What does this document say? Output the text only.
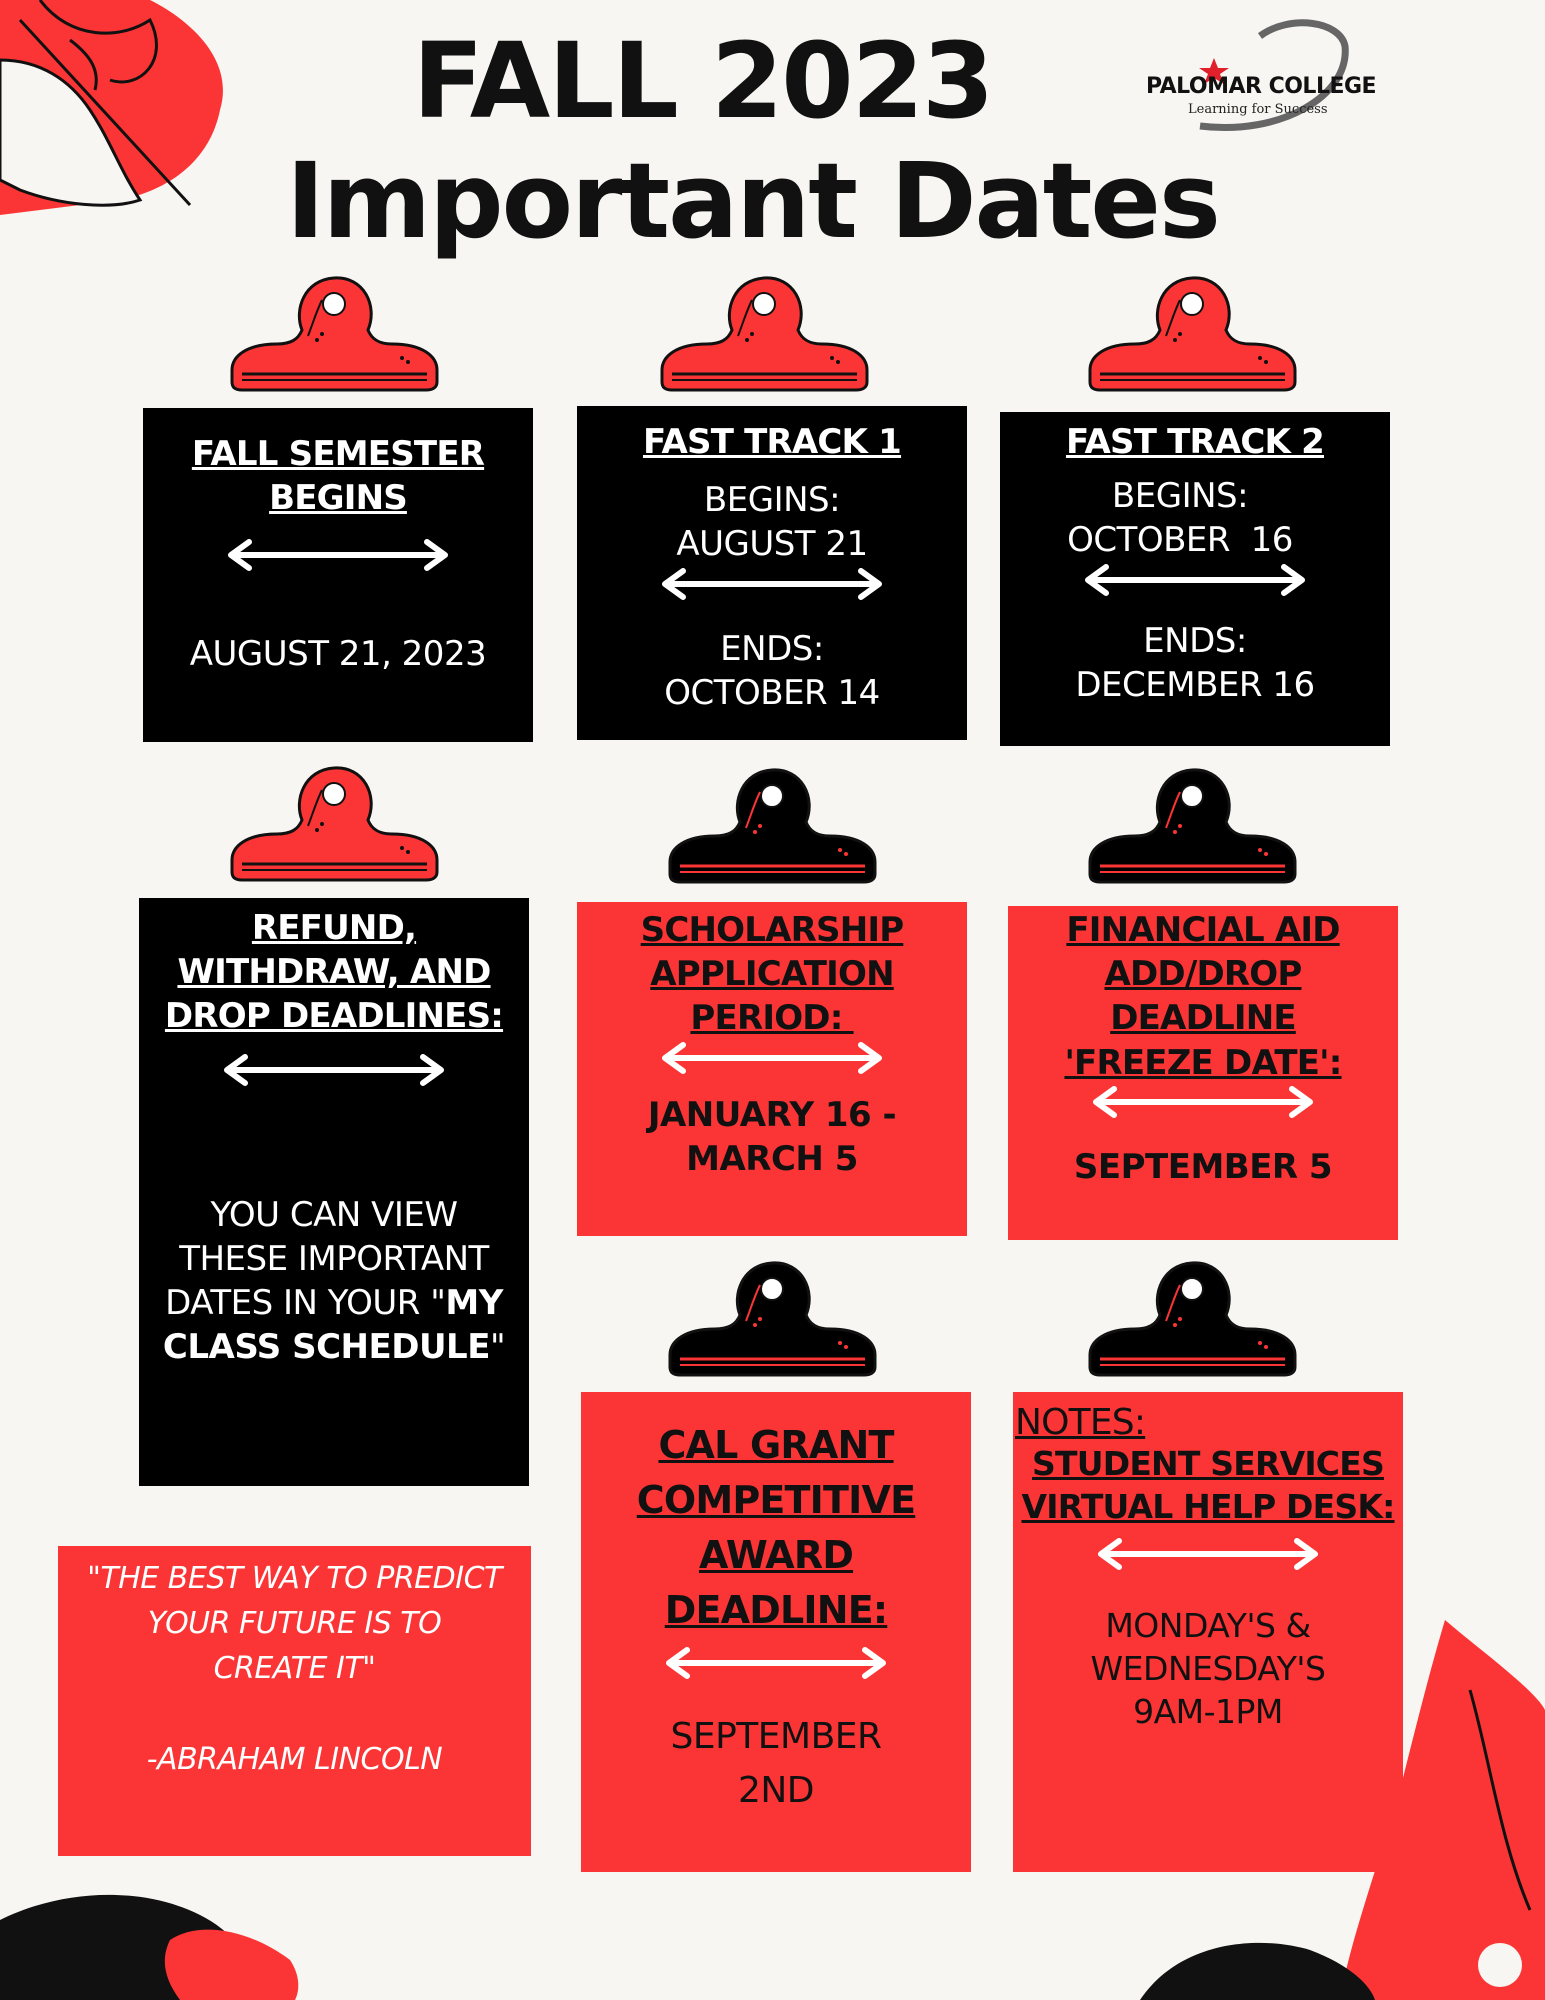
FALL 2023
Important Dates
PALOMAR COLLEGE
Learning for Success
FALL SEMESTER
BEGINS
AUGUST 21, 2023
FAST TRACK 1
BEGINS:
AUGUST 21
ENDS:
OCTOBER 14
FAST TRACK 2
BEGINS:
OCTOBER  16
ENDS:
DECEMBER 16
REFUND,
WITHDRAW, AND
DROP DEADLINES:
YOU CAN VIEW
THESE IMPORTANT
DATES IN YOUR "MY
CLASS SCHEDULE"
SCHOLARSHIP
APPLICATION
PERIOD:
JANUARY 16 -
MARCH 5
FINANCIAL AID
ADD/DROP
DEADLINE
'FREEZE DATE':
SEPTEMBER 5
CAL GRANT
COMPETITIVE
AWARD
DEADLINE:
SEPTEMBER
2ND
NOTES:
STUDENT SERVICES
VIRTUAL HELP DESK:
MONDAY'S &
WEDNESDAY'S
9AM-1PM
"THE BEST WAY TO PREDICT
YOUR FUTURE IS TO
CREATE IT"
-ABRAHAM LINCOLN
